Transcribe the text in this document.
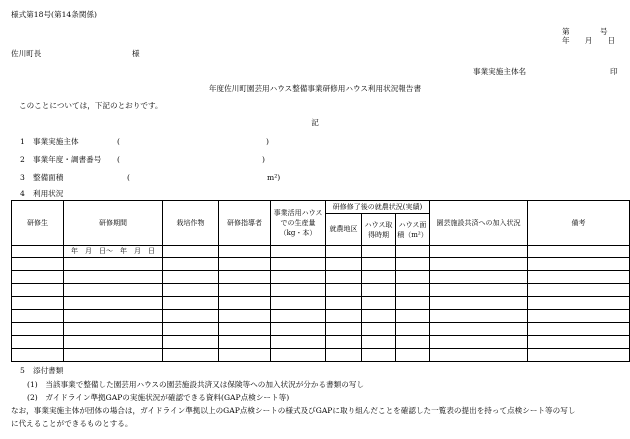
様式第18号(第14条関係)
第　　　　号
年　　月　　日
佐川町長	様
事業実施主体名	印
年度佐川町園芸用ハウス整備事業研修用ハウス利用状況報告書
このことについては，下記のとおりです。
記
1 事業実施主体	(	)
2 事業年度・調書番号 (	)
3 整備面積	(	m²)
4 利用状況
研修生	研修期間	栽培作物	研修指導者	事業活用ハウスでの生産量（kg・本）	研修修了後の就農状況(実績)			園芸施設共済への加入状況	備考
					就農地区	ハウス取得時期	ハウス面積（m²）		
	年　月　日～　年　月　日								

5 添付書類
(1)　当該事業で整備した園芸用ハウスの園芸施設共済又は保険等への加入状況が分かる書類の写し
(2)　ガイドライン準拠GAPの実施状況が確認できる資料(GAP点検シート等)
なお，事業実施主体が団体の場合は，ガイドライン準拠以上のGAP点検シートの様式及びGAPに取り組んだことを確認した一覧表の提出を持って点検シート等の写し
に代えることができるものとする。
